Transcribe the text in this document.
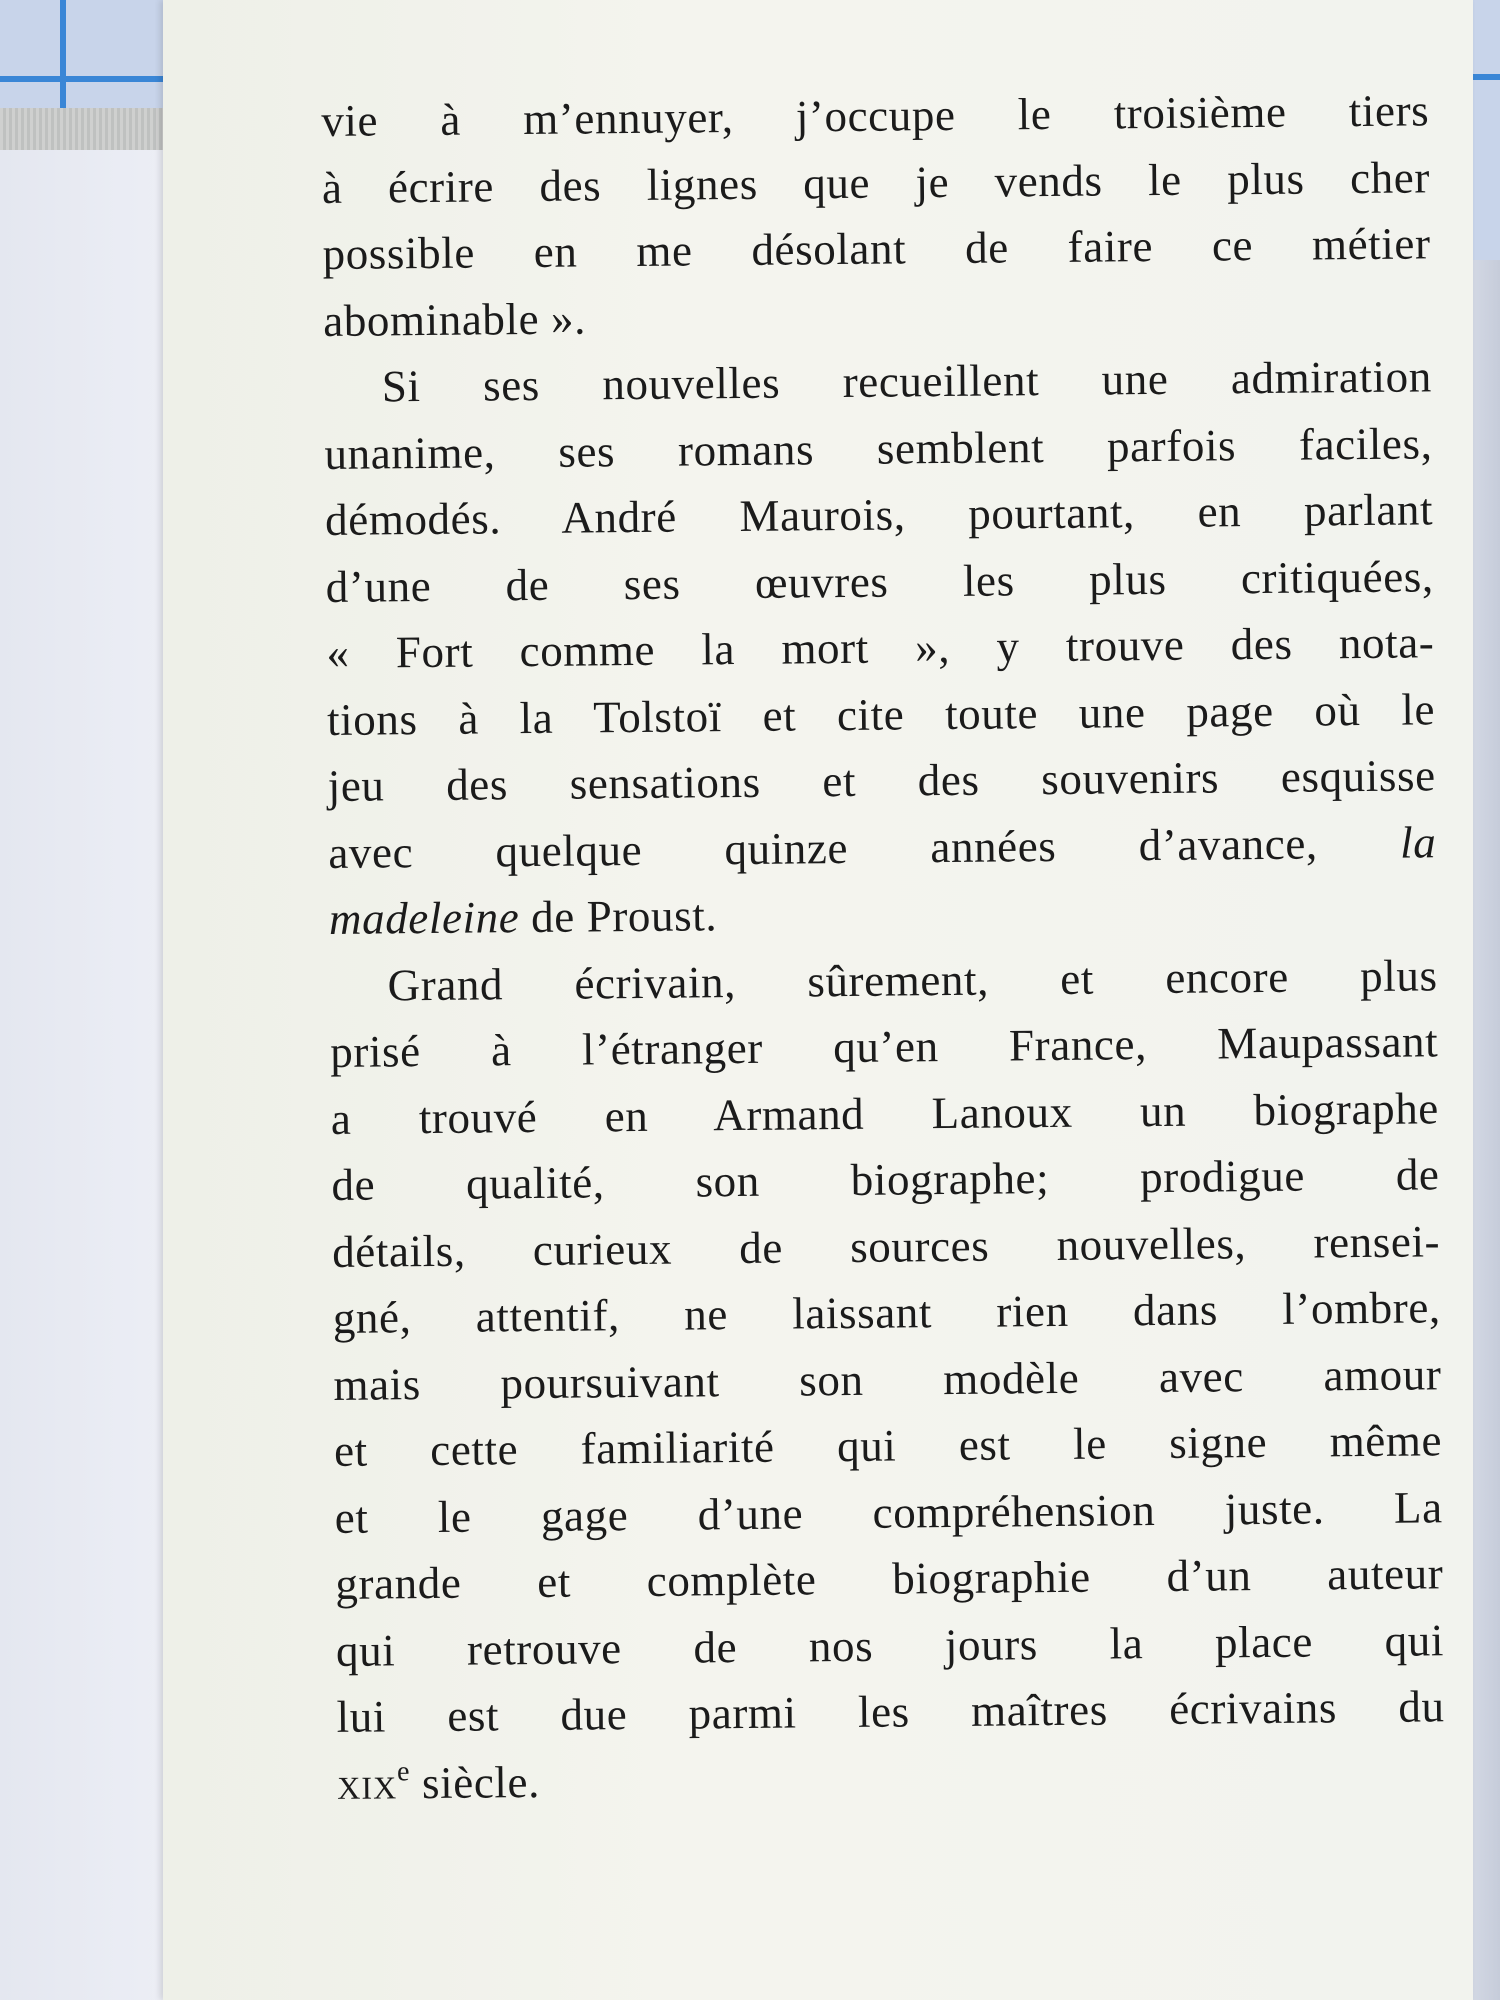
vie à m’ennuyer, j’occupe le troisième tiers
à écrire des lignes que je vends le plus cher
possible en me désolant de faire ce métier
abominable ».
Si ses nouvelles recueillent une admiration
unanime, ses romans semblent parfois faciles,
démodés. André Maurois, pourtant, en parlant
d’une de ses œuvres les plus critiquées,
« Fort comme la mort », y trouve des nota-
tions à la Tolstoï et cite toute une page où le
jeu des sensations et des souvenirs esquisse
avec quelque quinze années d’avance, la
madeleine de Proust.
Grand écrivain, sûrement, et encore plus
prisé à l’étranger qu’en France, Maupassant
a trouvé en Armand Lanoux un biographe
de qualité, son biographe; prodigue de
détails, curieux de sources nouvelles, rensei-
gné, attentif, ne laissant rien dans l’ombre,
mais poursuivant son modèle avec amour
et cette familiarité qui est le signe même
et le gage d’une compréhension juste. La
grande et complète biographie d’un auteur
qui retrouve de nos jours la place qui
lui est due parmi les maîtres écrivains du
xix$^e$ siècle.
